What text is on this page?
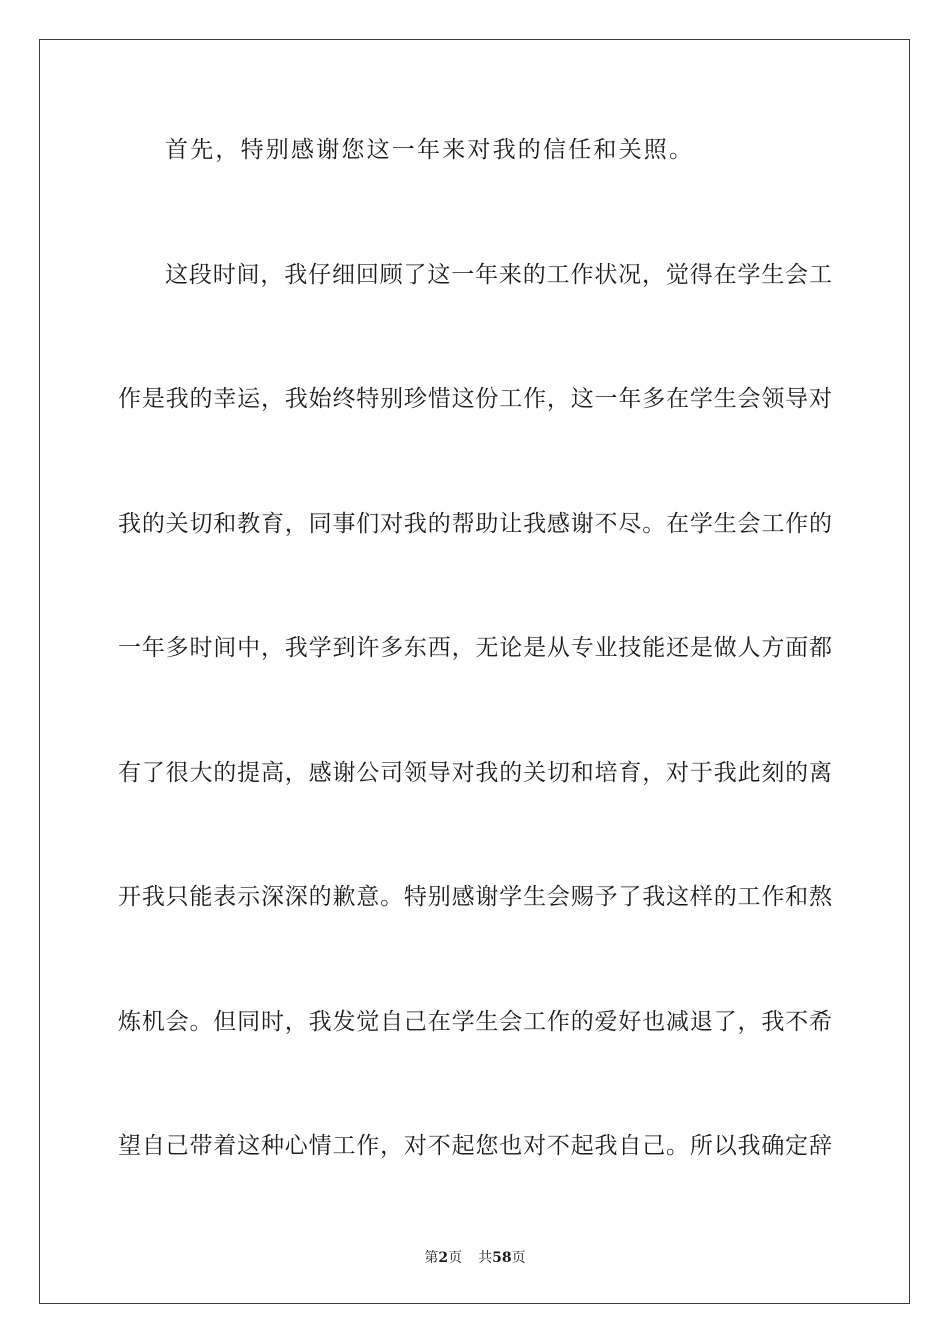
首先，特别感谢您这一年来对我的信任和关照。
这段时间，我仔细回顾了这一年来的工作状况，觉得在学生会工
作是我的幸运，我始终特别珍惜这份工作，这一年多在学生会领导对
我的关切和教育，同事们对我的帮助让我感谢不尽。在学生会工作的
一年多时间中，我学到许多东西，无论是从专业技能还是做人方面都
有了很大的提高，感谢公司领导对我的关切和培育，对于我此刻的离
开我只能表示深深的歉意。特别感谢学生会赐予了我这样的工作和熬
炼机会。但同时，我发觉自己在学生会工作的爱好也减退了，我不希
望自己带着这种心情工作，对不起您也对不起我自己。所以我确定辞
第2页 共58页
